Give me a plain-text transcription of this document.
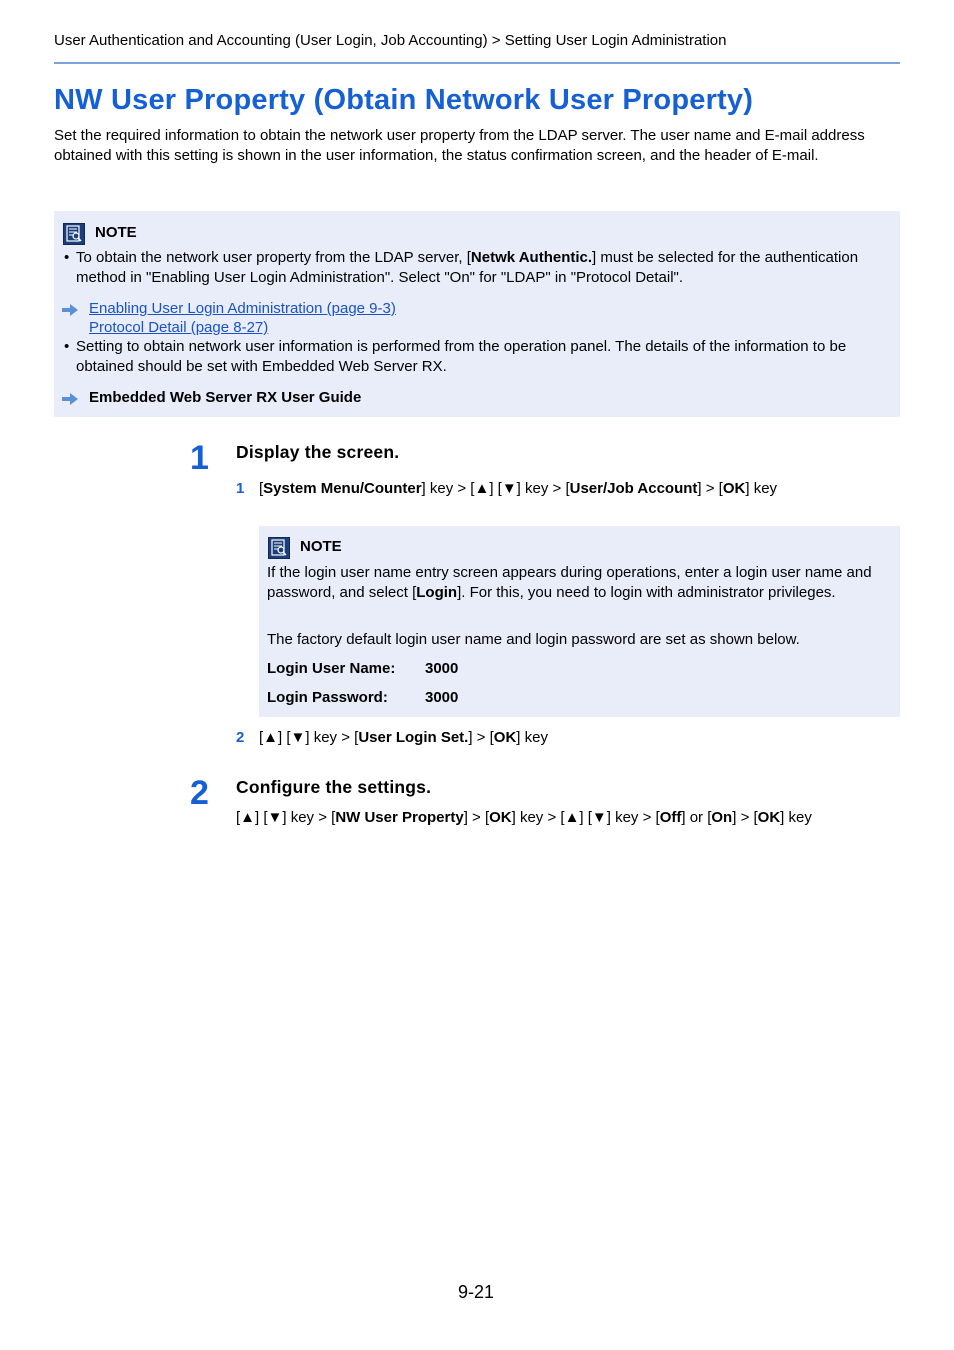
User Authentication and Accounting (User Login, Job Accounting) > Setting User Login Administration
NW User Property (Obtain Network User Property)

Set the required information to obtain the network user property from the LDAP server. The user name and E-mail address obtained with this setting is shown in the user information, the status confirmation screen, and the header of E-mail.

NOTE
• To obtain the network user property from the LDAP server, [Netwk Authentic.] must be selected for the authentication method in "Enabling User Login Administration". Select "On" for "LDAP" in "Protocol Detail".
Enabling User Login Administration (page 9-3)
Protocol Detail (page 8-27)
• Setting to obtain network user information is performed from the operation panel. The details of the information to be obtained should be set with Embedded Web Server RX.
Embedded Web Server RX User Guide
1 Display the screen.
1 [System Menu/Counter] key > [▲] [▼] key > [User/Job Account] > [OK] key
NOTE
If the login user name entry screen appears during operations, enter a login user name and password, and select [Login]. For this, you need to login with administrator privileges.
The factory default login user name and login password are set as shown below.
Login User Name: 3000
Login Password: 3000
2 [▲] [▼] key > [User Login Set.] > [OK] key
2 Configure the settings.
[▲] [▼] key > [NW User Property] > [OK] key > [▲] [▼] key > [Off] or [On] > [OK] key
9-21
